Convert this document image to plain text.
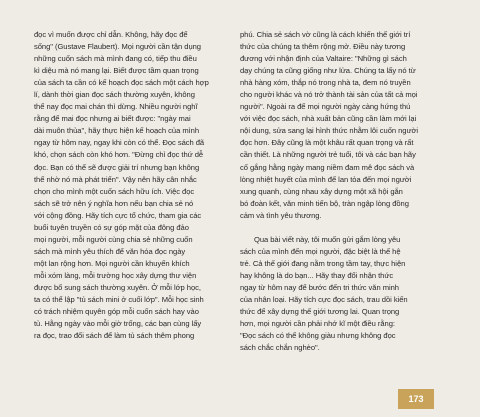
đọc vì muốn được chỉ dẫn. Không, hãy đọc để
sống" (Gustave Flaubert). Mọi người cần tận dụng
những cuốn sách mà mình đang có, tiếp thu điều
kì diệu mà nó mang lại. Biết được tầm quan trọng
của sách ta cần có kế hoạch đọc sách một cách hợp
lí, dành thời gian đọc sách thường xuyên, không
thể nay đọc mai chán thì dừng. Nhiều người nghĩ
rằng để mai đọc nhưng ai biết được: "ngày mai
dài muôn thủa", hãy thực hiện kế hoạch của mình
ngay từ hôm nay, ngay khi còn có thể. Đọc sách đã
khó, chọn sách còn khó hơn. "Đừng chỉ đọc thứ dễ
đọc. Bạn có thể sẽ được giải trí nhưng bạn không
thể nhờ nó mà phát triển". Vậy nên hãy cân nhắc
chọn cho mình một cuốn sách hữu ích. Việc đọc
sách sẽ trở nên ý nghĩa hơn nếu bạn chia sẻ nó
với cộng đồng. Hãy tích cực tổ chức, tham gia các
buổi tuyên truyền có sự góp mặt của đông đảo
mọi người, mỗi người cùng chia sẻ những cuốn
sách mà mình yêu thích để văn hóa đọc ngày
một lan rộng hơn. Mọi người cần khuyến khích
mỗi xóm làng, mỗi trường học xây dựng thư viện
được bổ sung sách thường xuyên. Ở mỗi lớp học,
ta có thể lập "tủ sách mini ở cuối lớp". Mỗi học sinh
có trách nhiệm quyên góp mỗi cuốn sách hay vào
tủ. Hằng ngày vào mỗi giờ trống, các bạn cùng lấy
ra đọc, trao đổi sách để làm tủ sách thêm phong
phú. Chia sẻ sách vờ cũng là cách khiến thế giới trí
thức của chúng ta thêm rộng mở. Điều này tương
đương với nhận định của Valtaire: "Những gì sách
dạy chúng ta cũng giống như lửa. Chúng ta lấy nó từ
nhà hàng xóm, thắp nó trong nhà ta, đem nó truyền
cho người khác và nó trở thành tài sản của tất cả mọi
người". Ngoài ra để mọi người ngày càng hứng thú
với việc đọc sách, nhà xuất bản cũng cần làm mới lại
nội dung, sửa sang lại hình thức nhằm lôi cuốn người
đọc hơn. Đây cũng là một khâu rất quan trọng và rất
cần thiết. Là những người trẻ tuổi, tôi và các bạn hãy
cố gắng hằng ngày mang niềm đam mê đọc sách và
lòng nhiệt huyết của mình để lan tỏa đến mọi người
xung quanh, cùng nhau xây dựng một xã hội gắn
bó đoàn kết, văn minh tiến bộ, tràn ngập lòng đồng
cảm và tình yêu thương.
Qua bài viết này, tôi muốn gửi gắm lòng yêu
sách của mình đến mọi người, đặc biệt là thế hệ
trẻ. Cả thế giới đang nằm trong tầm tay, thực hiện
hay không là do bạn... Hãy thay đổi nhận thức
ngay từ hôm nay để bước đến tri thức văn minh
của nhân loại. Hãy tích cực đọc sách, trau dồi kiến
thức để xây dựng thế giới tương lai. Quan trọng
hơn, mọi người cần phải nhớ kĩ một điều rằng:
"Đọc sách có thể không giàu nhưng không đọc
sách chắc chắn nghèo".
173
